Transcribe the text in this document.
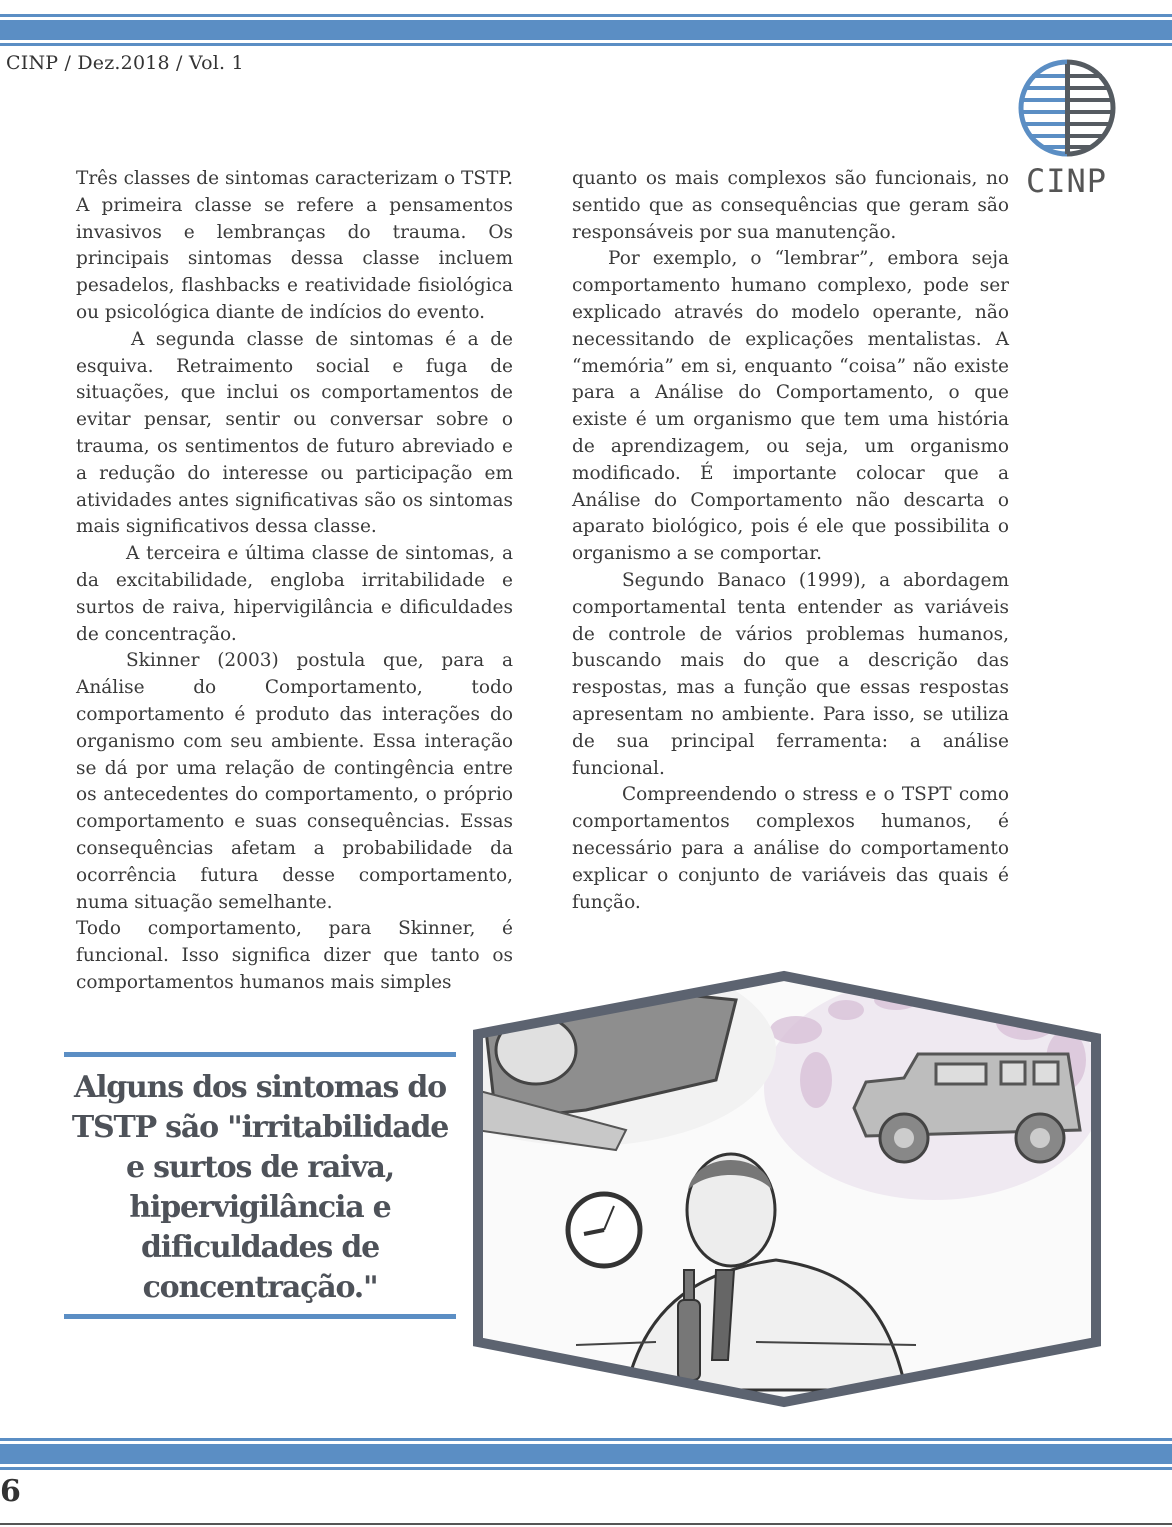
CINP / Dez.2018 / Vol. 1
CINP

Três classes de sintomas caracterizam o TSTP. A primeira classe se refere a pensamentos invasivos e lembranças do trauma. Os principais sintomas dessa classe incluem pesadelos, flashbacks e reatividade fisiológica ou psicológica diante de indícios do evento.

A segunda classe de sintomas é a de esquiva. Retraimento social e fuga de situações, que inclui os comportamentos de evitar pensar, sentir ou conversar sobre o trauma, os sentimentos de futuro abreviado e a redução do interesse ou participação em atividades antes significativas são os sintomas mais significativos dessa classe.

A terceira e última classe de sintomas, a da excitabilidade, engloba irritabilidade e surtos de raiva, hipervigilância e dificuldades de concentração.

Skinner (2003) postula que, para a Análise do Comportamento, todo comportamento é produto das interações do organismo com seu ambiente. Essa interação se dá por uma relação de contingência entre os antecedentes do comportamento, o próprio comportamento e suas consequências. Essas consequências afetam a probabilidade da ocorrência futura desse comportamento, numa situação semelhante.

Todo comportamento, para Skinner, é funcional. Isso significa dizer que tanto os comportamentos humanos mais simples

quanto os mais complexos são funcionais, no sentido que as consequências que geram são responsáveis por sua manutenção.

Por exemplo, o “lembrar”, embora seja comportamento humano complexo, pode ser explicado através do modelo operante, não necessitando de explicações mentalistas. A “memória” em si, enquanto “coisa” não existe para a Análise do Comportamento, o que existe é um organismo que tem uma história de aprendizagem, ou seja, um organismo modificado. É importante colocar que a Análise do Comportamento não descarta o aparato biológico, pois é ele que possibilita o organismo a se comportar.

Segundo Banaco (1999), a abordagem comportamental tenta entender as variáveis de controle de vários problemas humanos, buscando mais do que a descrição das respostas, mas a função que essas respostas apresentam no ambiente. Para isso, se utiliza de sua principal ferramenta: a análise funcional.

Compreendendo o stress e o TSPT como comportamentos complexos humanos, é necessário para a análise do comportamento explicar o conjunto de variáveis das quais é função.

Alguns dos sintomas do TSTP são "irritabilidade e surtos de raiva, hipervigilância e dificuldades de concentração."
6
